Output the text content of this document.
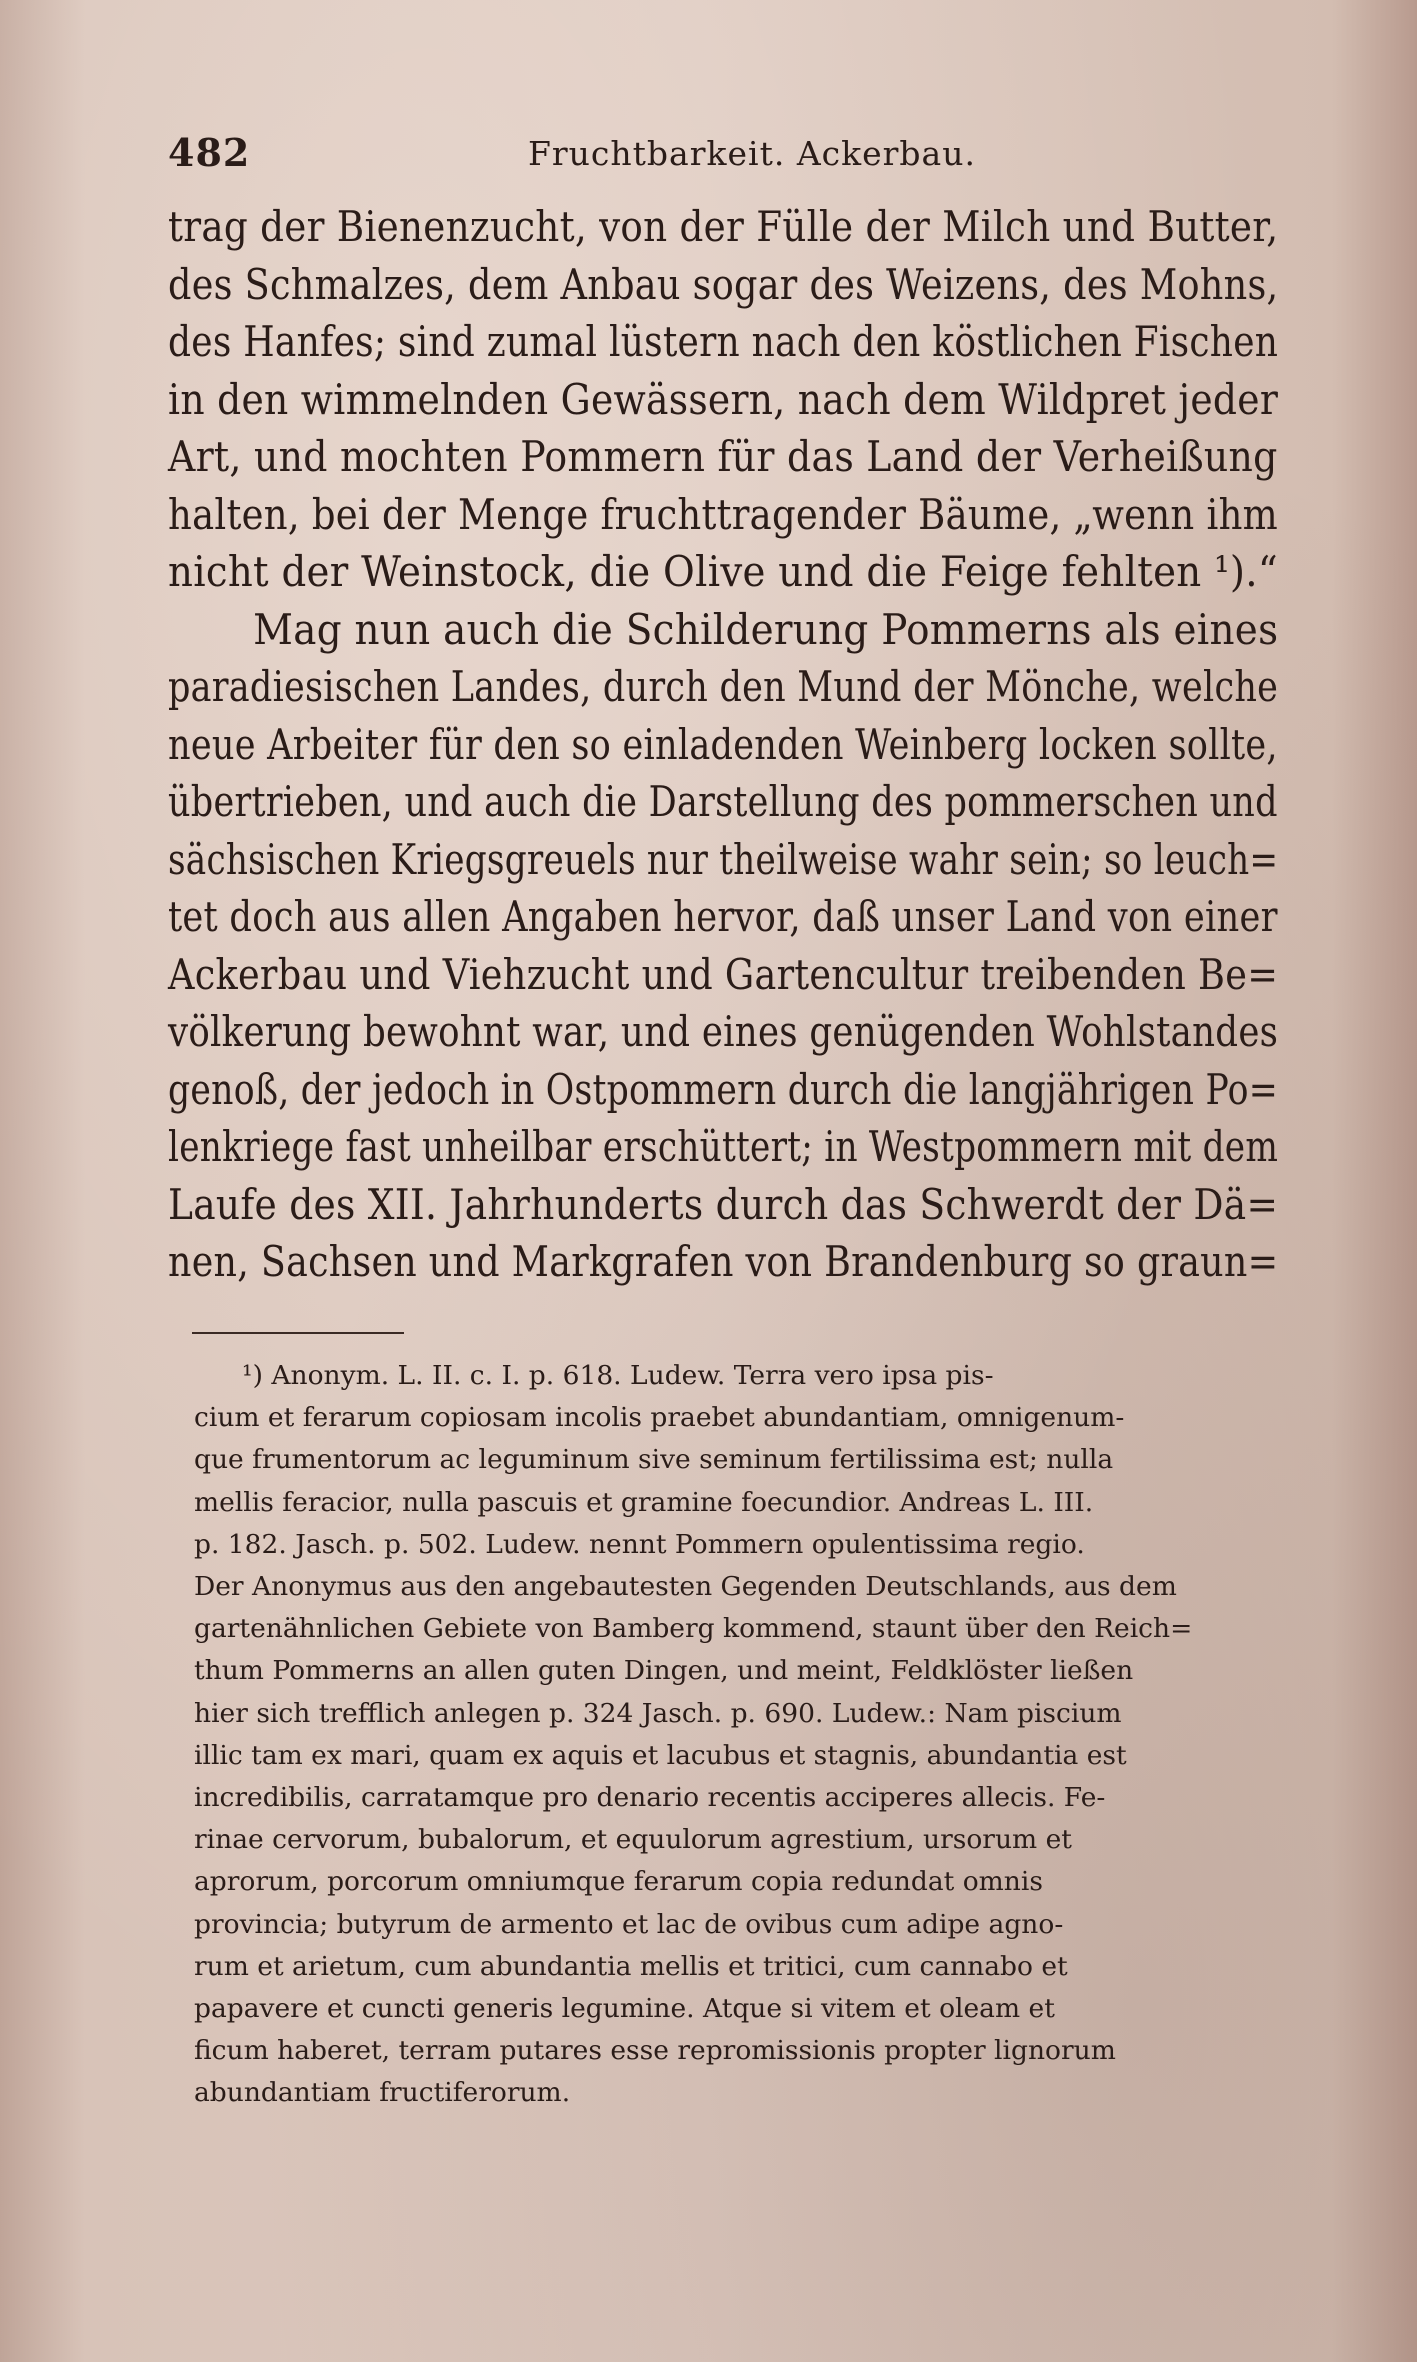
482	Fruchtbarkeit. Ackerbau.
trag der Bienenzucht, von der Fülle der Milch und Butter,
des Schmalzes, dem Anbau sogar des Weizens, des Mohns,
des Hanfes; sind zumal lüstern nach den köstlichen Fischen
in den wimmelnden Gewässern, nach dem Wildpret jeder
Art, und mochten Pommern für das Land der Verheißung
halten, bei der Menge fruchttragender Bäume, „wenn ihm
nicht der Weinstock, die Olive und die Feige fehlten ¹).“
Mag nun auch die Schilderung Pommerns als eines
paradiesischen Landes, durch den Mund der Mönche, welche
neue Arbeiter für den so einladenden Weinberg locken sollte,
übertrieben, und auch die Darstellung des pommerschen und
sächsischen Kriegsgreuels nur theilweise wahr sein; so leuch=
tet doch aus allen Angaben hervor, daß unser Land von einer
Ackerbau und Viehzucht und Gartencultur treibenden Be=
völkerung bewohnt war, und eines genügenden Wohlstandes
genoß, der jedoch in Ostpommern durch die langjährigen Po=
lenkriege fast unheilbar erschüttert; in Westpommern mit dem
Laufe des XII. Jahrhunderts durch das Schwerdt der Dä=
nen, Sachsen und Markgrafen von Brandenburg so graun=
¹) Anonym. L. II. c. I. p. 618. Ludew. Terra vero ipsa pis-
cium et ferarum copiosam incolis praebet abundantiam, omnigenum-
que frumentorum ac leguminum sive seminum fertilissima est; nulla
mellis feracior, nulla pascuis et gramine foecundior. Andreas L. III.
p. 182. Jasch. p. 502. Ludew. nennt Pommern opulentissima regio.
Der Anonymus aus den angebautesten Gegenden Deutschlands, aus dem
gartenähnlichen Gebiete von Bamberg kommend, staunt über den Reich=
thum Pommerns an allen guten Dingen, und meint, Feldklöster ließen
hier sich trefflich anlegen p. 324 Jasch. p. 690. Ludew.: Nam piscium
illic tam ex mari, quam ex aquis et lacubus et stagnis, abundantia est
incredibilis, carratamque pro denario recentis acciperes allecis. Fe-
rinae cervorum, bubalorum, et equulorum agrestium, ursorum et
aprorum, porcorum omniumque ferarum copia redundat omnis
provincia; butyrum de armento et lac de ovibus cum adipe agno-
rum et arietum, cum abundantia mellis et tritici, cum cannabo et
papavere et cuncti generis legumine. Atque si vitem et oleam et
ficum haberet, terram putares esse repromissionis propter lignorum
abundantiam fructiferorum.
